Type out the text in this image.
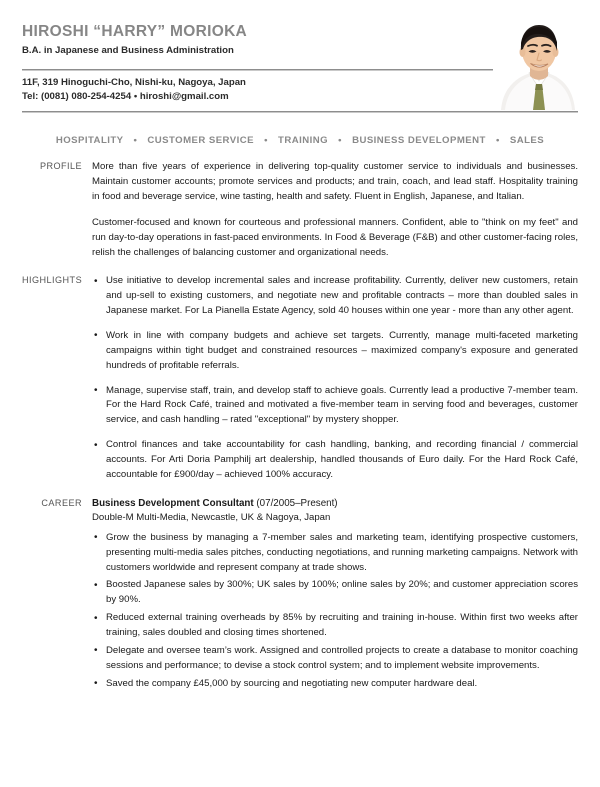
HIROSHI “HARRY” MORIOKA
B.A. in Japanese and Business Administration
11F, 319 Hinoguchi-Cho, Nishi-ku, Nagoya, Japan
Tel: (0081) 080-254-4254 • hiroshi@gmail.com
HOSPITALITY • CUSTOMER SERVICE • TRAINING • BUSINESS DEVELOPMENT • SALES
PROFILE More than five years of experience in delivering top-quality customer service to individuals and businesses. Maintain customer accounts; promote services and products; and train, coach, and lead staff. Hospitality training in food and beverage service, wine tasting, health and safety. Fluent in English, Japanese, and Italian.

Customer-focused and known for courteous and professional manners. Confident, able to "think on my feet" and run day-to-day operations in fast-paced environments. In Food & Beverage (F&B) and other customer-facing roles, relish the challenges of balancing customer and organizational needs.

HIGHLIGHTS	• Use initiative to develop incremental sales and increase profitability. Currently, deliver new customers, retain and up-sell to existing customers, and negotiate new and profitable contracts – more than doubled sales in Japanese market. For La Pianella Estate Agency, sold 40 houses within one year - more than any other agent.
• Work in line with company budgets and achieve set targets. Currently, manage multi-faceted marketing campaigns within tight budget and constrained resources – maximized company's exposure and generated hundreds of profitable referrals.
• Manage, supervise staff, train, and develop staff to achieve goals. Currently lead a productive 7-member team. For the Hard Rock Café, trained and motivated a five-member team in serving food and beverages, customer service, and cash handling – rated "exceptional" by mystery shopper.
• Control finances and take accountability for cash handling, banking, and recording financial / commercial accounts. For Arti Doria Pamphilj art dealership, handled thousands of Euro daily. For the Hard Rock Café, accountable for £900/day – achieved 100% accuracy.
CAREER Business Development Consultant (07/2005–Present)

Double-M Multi-Media, Newcastle, UK & Nagoya, Japan

• Grow the business by managing a 7-member sales and marketing team, identifying prospective customers, presenting multi-media sales pitches, conducting negotiations, and running marketing campaigns. Network with customers worldwide and represent company at trade shows.
• Boosted Japanese sales by 300%; UK sales by 100%; online sales by 20%; and customer appreciation scores by 90%.
• Reduced external training overheads by 85% by recruiting and training in-house. Within first two weeks after training, sales doubled and closing times shortened.
• Delegate and oversee team’s work. Assigned and controlled projects to create a database to monitor coaching sessions and performance; to devise a stock control system; and to implement website improvements.
• Saved the company £45,000 by sourcing and negotiating new computer hardware deal.
